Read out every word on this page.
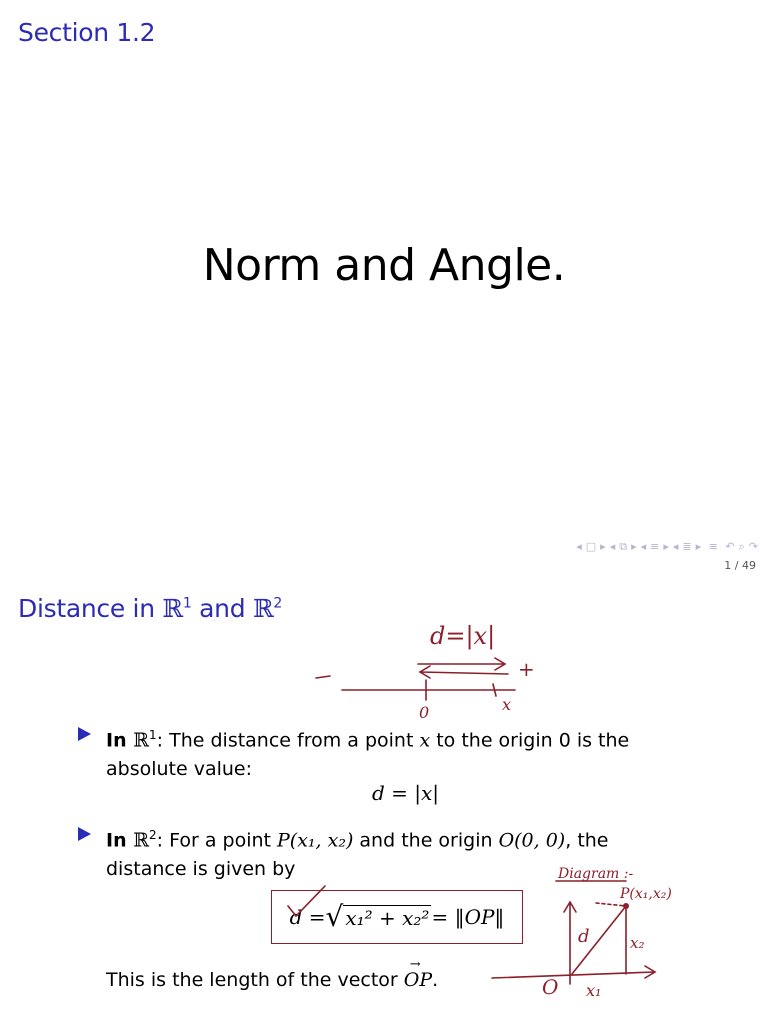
Section 1.2
Norm and Angle.
◂ □ ▸ ◂ ⧉ ▸ ◂ ≡ ▸ ◂ ≣ ▸ ≡ ↶ ⌕ ↷
1 / 49
Distance in ℝ$^1$ and ℝ$^2$
In ℝ$^1$: The distance from a point x to the origin 0 is the absolute value:
d = |x|
In ℝ$^2$: For a point P(x₁, x₂) and the origin O(0, 0), the distance is given by
d = √ x₁² + x₂² = ‖OP‖
This is the length of the vector
→
OP.
d=|x|
+
0	x
Diagram :-
P(x₁,x₂)
d	x₂
x₁
O
